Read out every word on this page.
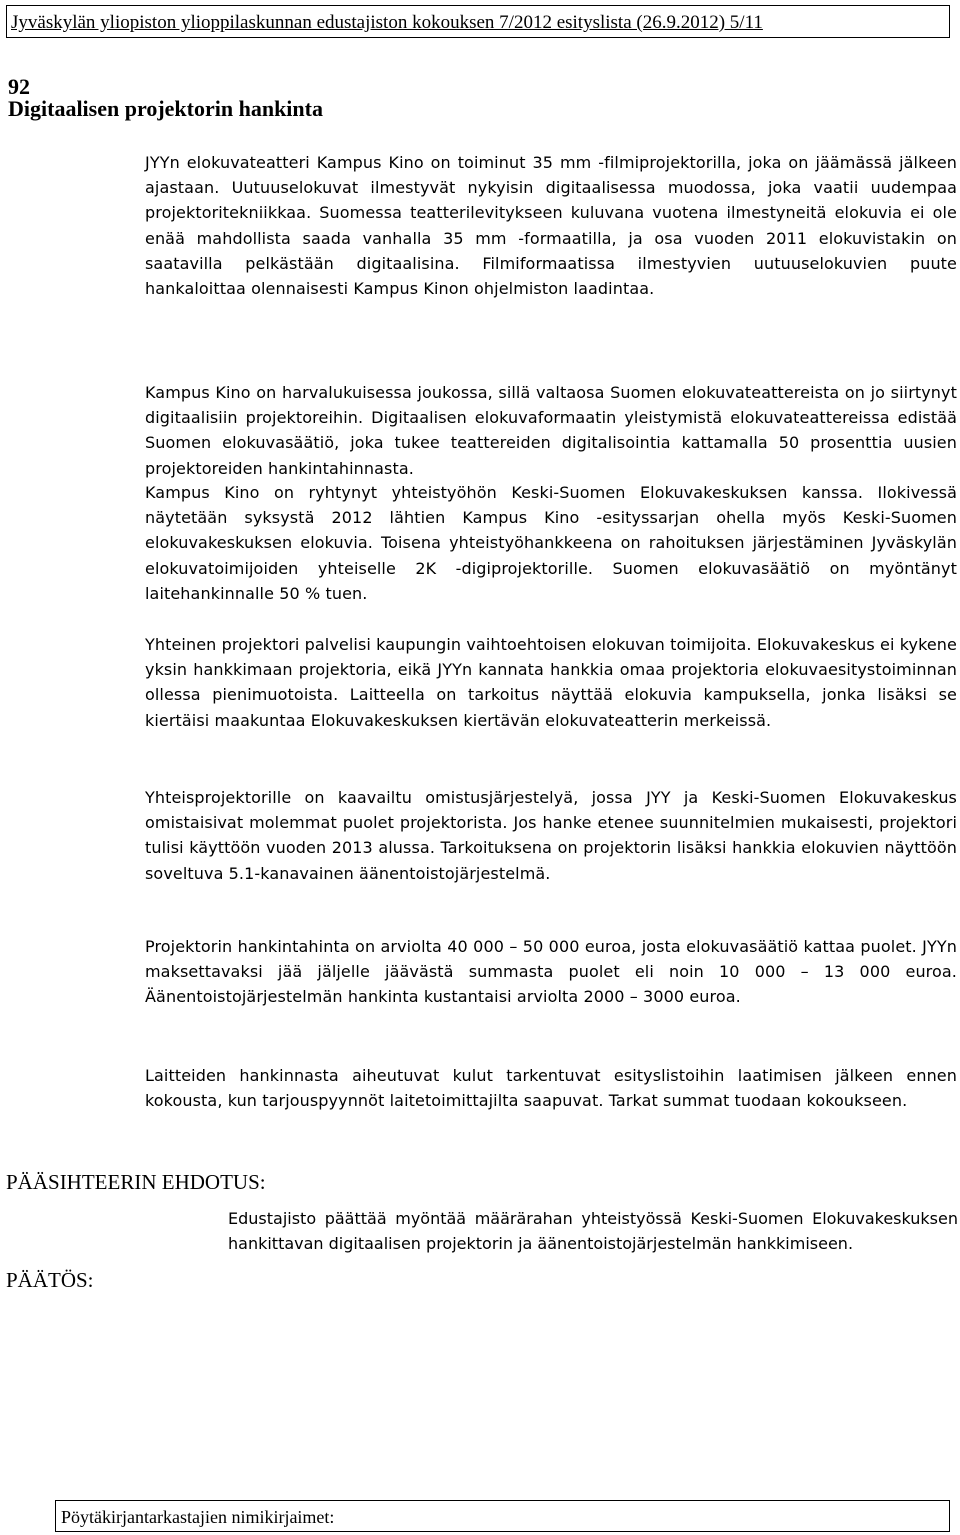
Jyväskylän yliopiston ylioppilaskunnan edustajiston kokouksen 7/2012 esityslista (26.9.2012) 5/11
92
Digitaalisen projektorin hankinta

JYYn elokuvateatteri Kampus Kino on toiminut 35 mm -filmiprojektorilla, joka on jäämässä jälkeen ajastaan. Uutuuselokuvat ilmestyvät nykyisin digitaalisessa muodossa, joka vaatii uudempaa projektoritekniikkaa. Suomessa teatterilevitykseen kuluvana vuotena ilmestyneitä elokuvia ei ole enää mahdollista saada vanhalla 35 mm -formaatilla, ja osa vuoden 2011 elokuvistakin on saatavilla pelkästään digitaalisina. Filmiformaatissa ilmestyvien uutuuselokuvien puute hankaloittaa olennaisesti Kampus Kinon ohjelmiston laadintaa.

Kampus Kino on harvalukuisessa joukossa, sillä valtaosa Suomen elokuvateattereista on jo siirtynyt digitaalisiin projektoreihin. Digitaalisen elokuvaformaatin yleistymistä elokuvateattereissa edistää Suomen elokuvasäätiö, joka tukee teattereiden digitalisointia kattamalla 50 prosenttia uusien projektoreiden hankintahinnasta.

Kampus Kino on ryhtynyt yhteistyöhön Keski-Suomen Elokuvakeskuksen kanssa. Ilokivessä näytetään syksystä 2012 lähtien Kampus Kino -esityssarjan ohella myös Keski-Suomen elokuvakeskuksen elokuvia. Toisena yhteistyöhankkeena on rahoituksen järjestäminen Jyväskylän elokuvatoimijoiden yhteiselle 2K -digiprojektorille. Suomen elokuvasäätiö on myöntänyt laitehankinnalle 50 % tuen.

Yhteinen projektori palvelisi kaupungin vaihtoehtoisen elokuvan toimijoita. Elokuvakeskus ei kykene yksin hankkimaan projektoria, eikä JYYn kannata hankkia omaa projektoria elokuvaesitystoiminnan ollessa pienimuotoista. Laitteella on tarkoitus näyttää elokuvia kampuksella, jonka lisäksi se kiertäisi maakuntaa Elokuvakeskuksen kiertävän elokuvateatterin merkeissä.

Yhteisprojektorille on kaavailtu omistusjärjestelyä, jossa JYY ja Keski-Suomen Elokuvakeskus omistaisivat molemmat puolet projektorista. Jos hanke etenee suunnitelmien mukaisesti, projektori tulisi käyttöön vuoden 2013 alussa. Tarkoituksena on projektorin lisäksi hankkia elokuvien näyttöön soveltuva 5.1-kanavainen äänentoistojärjestelmä.

Projektorin hankintahinta on arviolta 40 000 – 50 000 euroa, josta elokuvasäätiö kattaa puolet. JYYn maksettavaksi jää jäljelle jäävästä summasta puolet eli noin 10 000 – 13 000 euroa. Äänentoistojärjestelmän hankinta kustantaisi arviolta 2000 – 3000 euroa.

Laitteiden hankinnasta aiheutuvat kulut tarkentuvat esityslistoihin laatimisen jälkeen ennen kokousta, kun tarjouspyynnöt laitetoimittajilta saapuvat. Tarkat summat tuodaan kokoukseen.

PÄÄSIHTEERIN EHDOTUS:
Edustajisto päättää myöntää määrärahan yhteistyössä Keski-Suomen Elokuvakeskuksen hankittavan digitaalisen projektorin ja äänentoistojärjestelmän hankkimiseen.
PÄÄTÖS:
Pöytäkirjantarkastajien nimikirjaimet:
